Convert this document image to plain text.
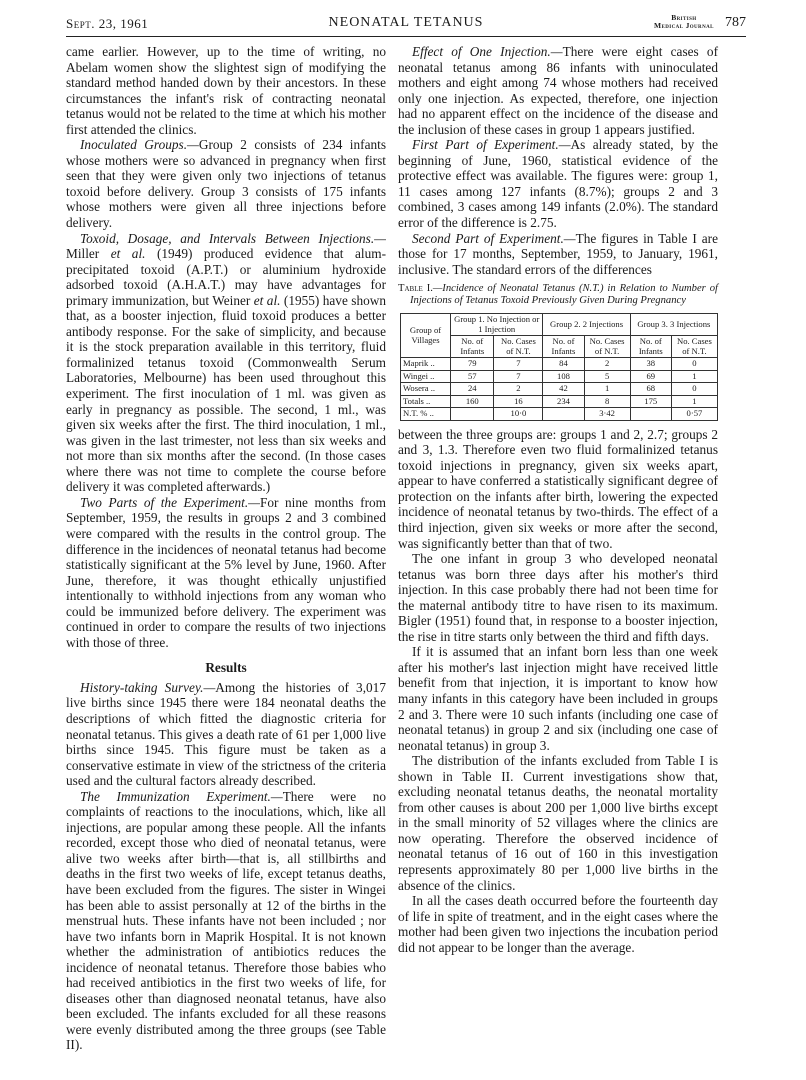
Sept. 23, 1961	NEONATAL TETANUS	British
Medical Journal 787

came earlier. However, up to the time of writing, no Abelam women show the slightest sign of modifying the standard method handed down by their ancestors. In these circumstances the infant's risk of contracting neonatal tetanus would not be related to the time at which his mother first attended the clinics.

Inoculated Groups.—Group 2 consists of 234 infants whose mothers were so advanced in pregnancy when first seen that they were given only two injections of tetanus toxoid before delivery. Group 3 consists of 175 infants whose mothers were given all three injections before delivery.

Toxoid, Dosage, and Intervals Between Injections.—Miller et al. (1949) produced evidence that alum-precipitated toxoid (A.P.T.) or aluminium hydroxide adsorbed toxoid (A.H.A.T.) may have advantages for primary immunization, but Weiner et al. (1955) have shown that, as a booster injection, fluid toxoid produces a better antibody response. For the sake of simplicity, and because it is the stock preparation available in this territory, fluid formalinized tetanus toxoid (Commonwealth Serum Laboratories, Melbourne) has been used throughout this experiment. The first inoculation of 1 ml. was given as early in pregnancy as possible. The second, 1 ml., was given six weeks after the first. The third inoculation, 1 ml., was given in the last trimester, not less than six weeks and not more than six months after the second. (In those cases where there was not time to complete the course before delivery it was completed afterwards.)

Two Parts of the Experiment.—For nine months from September, 1959, the results in groups 2 and 3 combined were compared with the results in the control group. The difference in the incidences of neonatal tetanus had become statistically significant at the 5% level by June, 1960. After June, therefore, it was thought ethically unjustified intentionally to withhold injections from any woman who could be immunized before delivery. The experiment was continued in order to compare the results of two injections with those of three.

Results

History-taking Survey.—Among the histories of 3,017 live births since 1945 there were 184 neonatal deaths the descriptions of which fitted the diagnostic criteria for neonatal tetanus. This gives a death rate of 61 per 1,000 live births since 1945. This figure must be taken as a conservative estimate in view of the strictness of the criteria used and the cultural factors already described.

The Immunization Experiment.—There were no complaints of reactions to the inoculations, which, like all injections, are popular among these people. All the infants recorded, except those who died of neonatal tetanus, were alive two weeks after birth—that is, all stillbirths and deaths in the first two weeks of life, except tetanus deaths, have been excluded from the figures. The sister in Wingei has been able to assist personally at 12 of the births in the menstrual huts. These infants have not been included ; nor have two infants born in Maprik Hospital. It is not known whether the administration of antibiotics reduces the incidence of neonatal tetanus. Therefore those babies who had received antibiotics in the first two weeks of life, for diseases other than diagnosed neonatal tetanus, have also been excluded. The infants excluded for all these reasons were evenly distributed among the three groups (see Table II).

Effect of One Injection.—There were eight cases of neonatal tetanus among 86 infants with uninoculated mothers and eight among 74 whose mothers had received only one injection. As expected, therefore, one injection had no apparent effect on the incidence of the disease and the inclusion of these cases in group 1 appears justified.

First Part of Experiment.—As already stated, by the beginning of June, 1960, statistical evidence of the protective effect was available. The figures were: group 1, 11 cases among 127 infants (8.7%); groups 2 and 3 combined, 3 cases among 149 infants (2.0%). The standard error of the difference is 2.75.

Second Part of Experiment.—The figures in Table I are those for 17 months, September, 1959, to January, 1961, inclusive. The standard errors of the differences

Table I.—Incidence of Neonatal Tetanus (N.T.) in Relation to Number of Injections of Tetanus Toxoid Previously Given During Pregnancy
Group of Villages	Group 1. No Injection or 1 Injection		Group 2. 2 Injections		Group 3. 3 Injections	
	No. of Infants	No. Cases of N.T.	No. of Infants	No. Cases of N.T.	No. of Infants	No. Cases of N.T.
Maprik ..	79	7	84	2	38	0
Wingei ..	57	7	108	5	69	1
Wosera ..	24	2	42	1	68	0
Totals ..	160	16	234	8	175	1
N.T. % ..		10·0		3·42		0·57

between the three groups are: groups 1 and 2, 2.7; groups 2 and 3, 1.3. Therefore even two fluid formalinized tetanus toxoid injections in pregnancy, given six weeks apart, appear to have conferred a statistically significant degree of protection on the infants after birth, lowering the expected incidence of neonatal tetanus by two-thirds. The effect of a third injection, given six weeks or more after the second, was significantly better than that of two.

The one infant in group 3 who developed neonatal tetanus was born three days after his mother's third injection. In this case probably there had not been time for the maternal antibody titre to have risen to its maximum. Bigler (1951) found that, in response to a booster injection, the rise in titre starts only between the third and fifth days.

If it is assumed that an infant born less than one week after his mother's last injection might have received little benefit from that injection, it is important to know how many infants in this category have been included in groups 2 and 3. There were 10 such infants (including one case of neonatal tetanus) in group 2 and six (including one case of neonatal tetanus) in group 3.

The distribution of the infants excluded from Table I is shown in Table II. Current investigations show that, excluding neonatal tetanus deaths, the neonatal mortality from other causes is about 200 per 1,000 live births except in the small minority of 52 villages where the clinics are now operating. Therefore the observed incidence of neonatal tetanus of 16 out of 160 in this investigation represents approximately 80 per 1,000 live births in the absence of the clinics.

In all the cases death occurred before the fourteenth day of life in spite of treatment, and in the eight cases where the mother had been given two injections the incubation period did not appear to be longer than the average.
